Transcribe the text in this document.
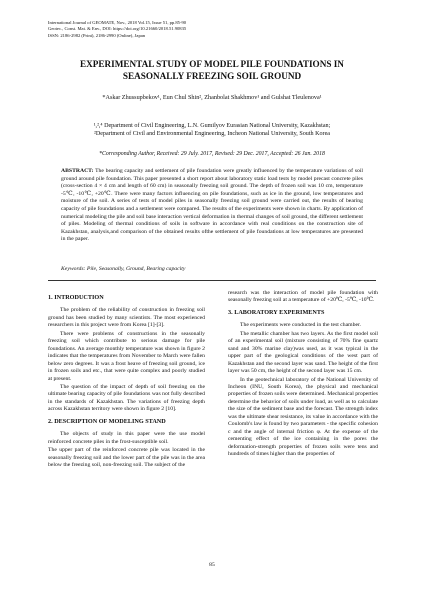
International Journal of GEOMATE, Nov., 2018 Vol.15, Issue 51, pp.85-90
Geotec., Const. Mat. & Env., DOI: https://doi.org/10.21660/2018.51.90835
ISSN: 2186-2982 (Print), 2186-2990 (Online), Japan
EXPERIMENTAL STUDY OF MODEL PILE FOUNDATIONS IN
SEASONALLY FREEZING SOIL GROUND
*Askar Zhussupbekov¹, Eun Chul Shin², Zhanbolat Shakhmov¹ and Gulshat Tleulenova¹
¹,²,⁴ Department of Civil Engineering, L.N. Gumilyov Eurasian National University, Kazakhstan;
²Department of Civil and Environmental Engineering, Incheon National University, South Korea
*Corresponding Author, Received: 29 July. 2017, Revised: 29 Dec. 2017, Accepted: 26 Jan. 2018
ABSTRACT: The bearing capacity and settlement of pile foundation were greatly influenced by the temperature variations of soil ground around pile foundation. This paper presented a short report about laboratory static load tests by model precast concrete piles (cross-section 4 × 4 cm and length of 60 cm) in seasonally freezing soil ground. The depth of frozen soil was 10 cm, temperature -5℃, -10℃, +20℃. There were many factors influencing on pile foundations, such as ice in the ground, low temperatures and moisture of the soil. A series of tests of model piles in seasonally freezing soil ground were carried out, the results of bearing capacity of pile foundations and a settlement were compared. The results of the experiments were shown in charts. By application of numerical modeling the pile and soil base interaction vertical deformation in thermal changes of soil ground, the different settlement of piles. Modeling of thermal conditions of soils in software in accordance with real conditions on the construction site of Kazakhstan, analysis,and comparison of the obtained results ofthe settlement of pile foundations at low temperatures are presented in the paper.
Keywords: Pile, Seasonally, Ground, Bearing capacity
1. INTRODUCTION
The problem of the reliability of construction in freezing soil ground has been studied by many scientists. The most experienced researchers in this project were from Korea [1]-[3].
There were problems of constructions in the seasonally freezing soil which contribute to serious damage for pile foundations. An average monthly temperature was shown in figure 2 indicates that the temperatures from November to March were fallen below zero degrees. It was a frost heave of freezing soil ground, ice in frozen soils and etc., that were quite complex and poorly studied at present.
The question of the impact of depth of soil freezing on the ultimate bearing capacity of pile foundations was not fully described in the standards of Kazakhstan. The variations of freezing depth across Kazakhstan territory were shown in figure 2 [10].
2. DESCRIPTION OF MODELING STAND
The objects of study in this paper were the use model reinforced concrete piles in the frost-susceptible soil.
The upper part of the reinforced concrete pile was located in the seasonally freezing soil and the lower part of the pile was in the area below the freezing soil, non-freezing soil. The subject of the
research was the interaction of model pile foundation with seasonally freezing soil at a temperature of +20℃, -5℃, -10℃.
3. LABORATORY EXPERIMENTS
The experiments were conducted in the test chamber.
The metallic chamber has two layers. As the first model soil of an experimental soil (mixture consisting of 70% fine quartz sand and 30% marine clay)was used, as it was typical in the upper part of the geological conditions of the west part of Kazakhstan and the second layer was sand. The height of the first layer was 50 cm, the height of the second layer was 15 cm.
In the geotechnical laboratory of the National University of Incheon (INU, South Korea), the physical and mechanical properties of frozen soils were determined. Mechanical properties determine the behavior of soils under load, as well as to calculate the size of the sediment base and the forecast. The strength index was the ultimate shear resistance, its value in accordance with the Coulomb's law is found by two parameters - the specific cohesion c and the angle of internal friction φ. At the expense of the cementing effect of the ice containing in the pores the deformation-strength properties of frozen soils were tens and hundreds of times higher than the properties of
85
